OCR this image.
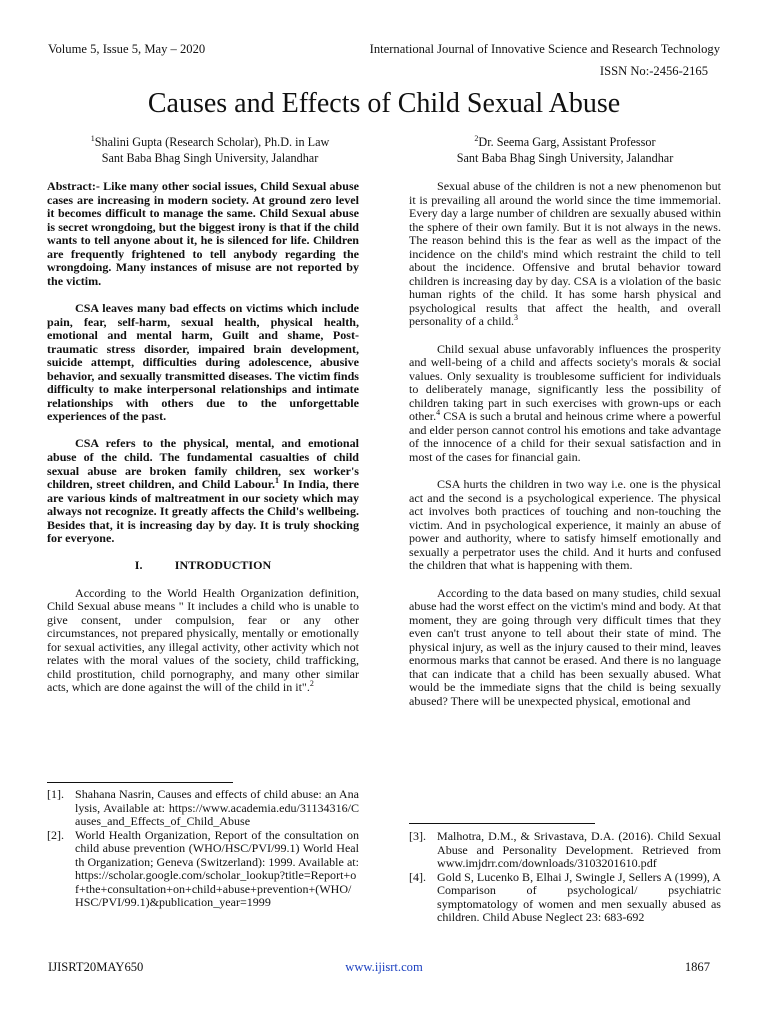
Volume 5, Issue 5, May – 2020	International Journal of Innovative Science and Research Technology
ISSN No:-2456-2165
Causes and Effects of Child Sexual Abuse
$^1$Shalini Gupta (Research Scholar), Ph.D. in Law
Sant Baba Bhag Singh University, Jalandhar
$^2$Dr. Seema Garg, Assistant Professor
Sant Baba Bhag Singh University, Jalandhar

Abstract:- Like many other social issues, Child Sexual abuse cases are increasing in modern society. At ground zero level it becomes difficult to manage the same. Child Sexual abuse is secret wrongdoing, but the biggest irony is that if the child wants to tell anyone about it, he is silenced for life. Children are frequently frightened to tell anybody regarding the wrongdoing. Many instances of misuse are not reported by the victim.

CSA leaves many bad effects on victims which include pain, fear, self-harm, sexual health, physical health, emotional and mental harm, Guilt and shame, Post-traumatic stress disorder, impaired brain development, suicide attempt, difficulties during adolescence, abusive behavior, and sexually transmitted diseases. The victim finds difficulty to make interpersonal relationships and intimate relationships with others due to the unforgettable experiences of the past.

CSA refers to the physical, mental, and emotional abuse of the child. The fundamental casualties of child sexual abuse are broken family children, sex worker's children, street children, and Child Labour.$^1$ In India, there are various kinds of maltreatment in our society which may always not recognize. It greatly affects the Child's wellbeing. Besides that, it is increasing day by day. It is truly shocking for everyone.

I.	INTRODUCTION

According to the World Health Organization definition, Child Sexual abuse means " It includes a child who is unable to give consent, under compulsion, fear or any other circumstances, not prepared physically, mentally or emotionally for sexual activities, any illegal activity, other activity which not relates with the moral values of the society, child trafficking, child prostitution, child pornography, and many other similar acts, which are done against the will of the child in it".$^2$

[1]. Shahana Nasrin, Causes and effects of child abuse: an Analysis, Available at: https://www.academia.edu/31134316/Causes_and_Effects_of_Child_Abuse
[2]. World Health Organization, Report of the consultation on child abuse prevention (WHO/HSC/PVI/99.1) World Health Organization; Geneva (Switzerland): 1999. Available at: https://scholar.google.com/scholar_lookup?title=Report+of+the+consultation+on+child+abuse+prevention+(WHO/HSC/PVI/99.1)&publication_year=1999

Sexual abuse of the children is not a new phenomenon but it is prevailing all around the world since the time immemorial. Every day a large number of children are sexually abused within the sphere of their own family. But it is not always in the news. The reason behind this is the fear as well as the impact of the incidence on the child's mind which restraint the child to tell about the incidence. Offensive and brutal behavior toward children is increasing day by day. CSA is a violation of the basic human rights of the child. It has some harsh physical and psychological results that affect the health, and overall personality of a child.$^3$

Child sexual abuse unfavorably influences the prosperity and well-being of a child and affects society's morals & social values. Only sexuality is troublesome sufficient for individuals to deliberately manage, significantly less the possibility of children taking part in such exercises with grown-ups or each other.$^4$ CSA is such a brutal and heinous crime where a powerful and elder person cannot control his emotions and take advantage of the innocence of a child for their sexual satisfaction and in most of the cases for financial gain.

CSA hurts the children in two way i.e. one is the physical act and the second is a psychological experience. The physical act involves both practices of touching and non-touching the victim. And in psychological experience, it mainly an abuse of power and authority, where to satisfy himself emotionally and sexually a perpetrator uses the child. And it hurts and confused the children that what is happening with them.

According to the data based on many studies, child sexual abuse had the worst effect on the victim's mind and body. At that moment, they are going through very difficult times that they even can't trust anyone to tell about their state of mind. The physical injury, as well as the injury caused to their mind, leaves enormous marks that cannot be erased. And there is no language that can indicate that a child has been sexually abused. What would be the immediate signs that the child is being sexually abused? There will be unexpected physical, emotional and

[3]. Malhotra, D.M., & Srivastava, D.A. (2016). Child Sexual Abuse and Personality Development. Retrieved from www.imjdrr.com/downloads/3103201610.pdf
[4]. Gold S, Lucenko B, Elhai J, Swingle J, Sellers A (1999), A Comparison of psychological/ psychiatric symptomatology of women and men sexually abused as children. Child Abuse Neglect 23: 683-692
IJISRT20MAY650	www.ijisrt.com	1867
